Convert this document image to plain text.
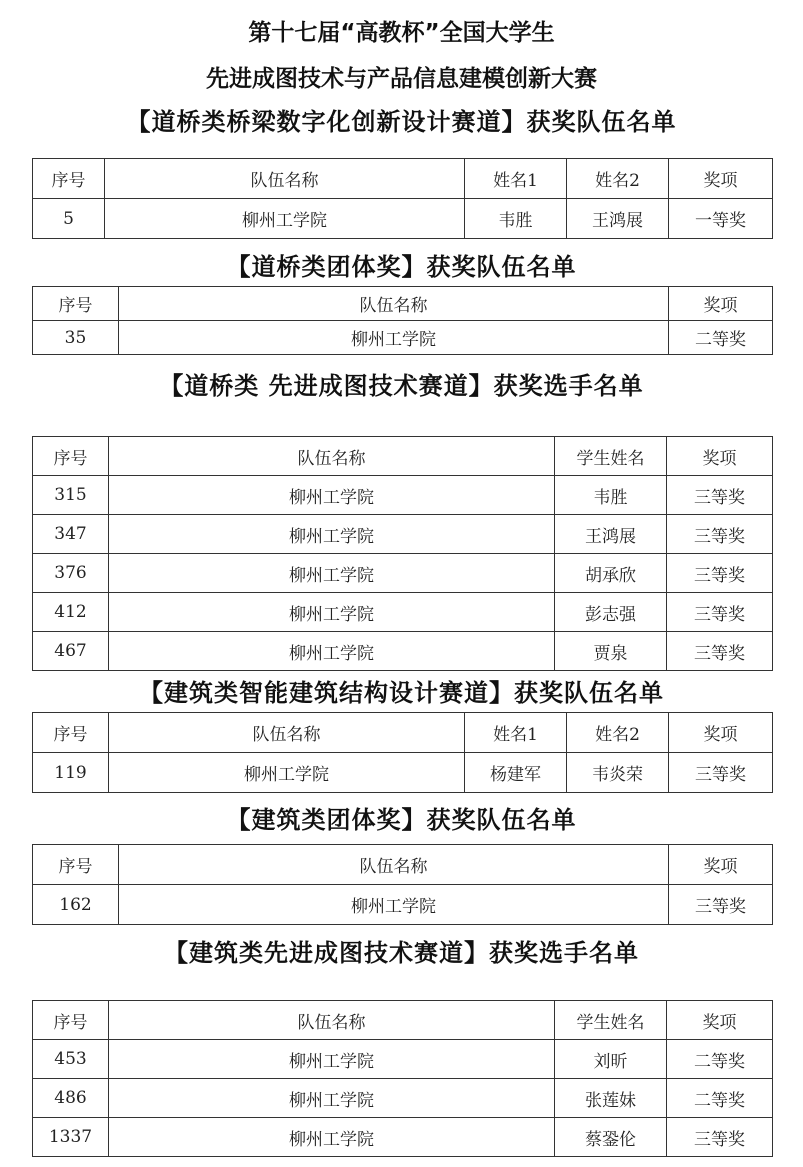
第十七届“高教杯”全国大学生
先进成图技术与产品信息建模创新大赛
【道桥类桥梁数字化创新设计赛道】获奖队伍名单
序号	队伍名称	姓名1	姓名2	奖项
5	柳州工学院	韦胜	王鸿展	一等奖
【道桥类团体奖】获奖队伍名单
序号	队伍名称	奖项
35	柳州工学院	二等奖
【道桥类 先进成图技术赛道】获奖选手名单
序号	队伍名称	学生姓名	奖项
315	柳州工学院	韦胜	三等奖
347	柳州工学院	王鸿展	三等奖
376	柳州工学院	胡承欣	三等奖
412	柳州工学院	彭志强	三等奖
467	柳州工学院	贾泉	三等奖
【建筑类智能建筑结构设计赛道】获奖队伍名单
序号	队伍名称	姓名1	姓名2	奖项
119	柳州工学院	杨建军	韦炎荣	三等奖
【建筑类团体奖】获奖队伍名单
序号	队伍名称	奖项
162	柳州工学院	三等奖
【建筑类先进成图技术赛道】获奖选手名单
序号	队伍名称	学生姓名	奖项
453	柳州工学院	刘昕	二等奖
486	柳州工学院	张莲妹	二等奖
1337	柳州工学院	蔡銎伦	三等奖
